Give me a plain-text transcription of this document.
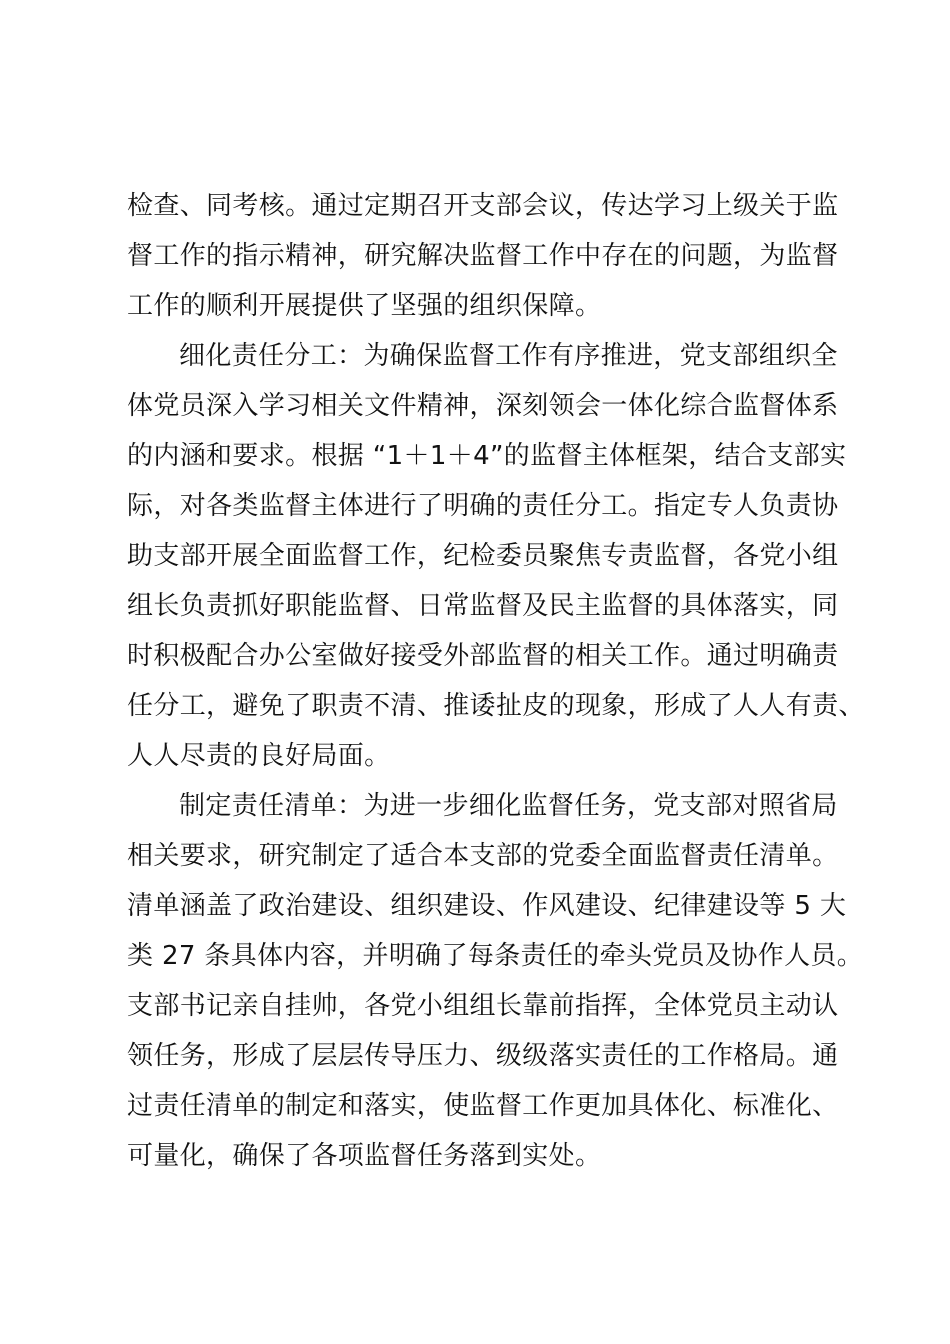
检查、同考核。通过定期召开支部会议，传达学习上级关于监
督工作的指示精神，研究解决监督工作中存在的问题，为监督
工作的顺利开展提供了坚强的组织保障。
细化责任分工：为确保监督工作有序推进，党支部组织全
体党员深入学习相关文件精神，深刻领会一体化综合监督体系
的内涵和要求。根据 “1＋1＋4”的监督主体框架，结合支部实
际，对各类监督主体进行了明确的责任分工。指定专人负责协
助支部开展全面监督工作，纪检委员聚焦专责监督，各党小组
组长负责抓好职能监督、日常监督及民主监督的具体落实，同
时积极配合办公室做好接受外部监督的相关工作。通过明确责
任分工，避免了职责不清、推诿扯皮的现象，形成了人人有责、
人人尽责的良好局面。
制定责任清单：为进一步细化监督任务，党支部对照省局
相关要求，研究制定了适合本支部的党委全面监督责任清单。
清单涵盖了政治建设、组织建设、作风建设、纪律建设等 5 大
类 27 条具体内容，并明确了每条责任的牵头党员及协作人员。
支部书记亲自挂帅，各党小组组长靠前指挥，全体党员主动认
领任务，形成了层层传导压力、级级落实责任的工作格局。通
过责任清单的制定和落实，使监督工作更加具体化、标准化、
可量化，确保了各项监督任务落到实处。
